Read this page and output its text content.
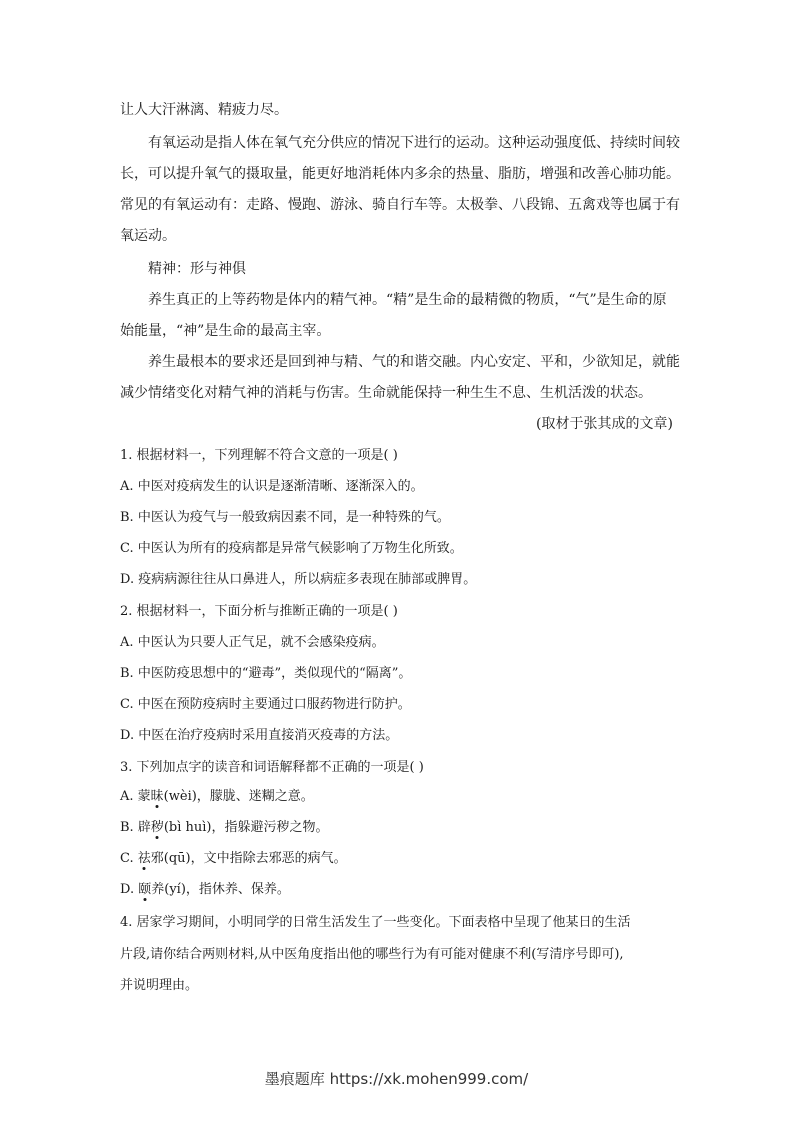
让人大汗淋漓、精疲力尽。
有氧运动是指人体在氧气充分供应的情况下进行的运动。这种运动强度低、持续时间较
长，可以提升氧气的摄取量，能更好地消耗体内多余的热量、脂肪，增强和改善心肺功能。
常见的有氧运动有：走路、慢跑、游泳、骑自行车等。太极拳、八段锦、五禽戏等也属于有
氧运动。
精神：形与神俱
养生真正的上等药物是体内的精气神。“精”是生命的最精微的物质，“气”是生命的原
始能量，“神”是生命的最高主宰。
养生最根本的要求还是回到神与精、气的和谐交融。内心安定、平和，少欲知足，就能
减少情绪变化对精气神的消耗与伤害。生命就能保持一种生生不息、生机活泼的状态。
(取材于张其成的文章)
1. 根据材料一，下列理解不符合文意的一项是( )
A. 中医对疫病发生的认识是逐渐清晰、逐渐深入的。
B. 中医认为疫气与一般致病因素不同，是一种特殊的气。
C. 中医认为所有的疫病都是异常气候影响了万物生化所致。
D. 疫病病源往往从口鼻进人，所以病症多表现在肺部或脾胃。
2. 根据材料一，下面分析与推断正确的一项是( )
A. 中医认为只要人正气足，就不会感染疫病。
B. 中医防疫思想中的“避毒”，类似现代的“隔离”。
C. 中医在预防疫病时主要通过口服药物进行防护。
D. 中医在治疗疫病时采用直接消灭疫毒的方法。
3. 下列加点字的读音和词语解释都不正确的一项是( )
A. 蒙昧(wèi)，朦胧、迷糊之意。
B. 辟秽(bì huì)，指躲避污秽之物。
C. 祛邪(qū)，文中指除去邪恶的病气。
D. 颐养(yí)，指休养、保养。
4. 居家学习期间，小明同学的日常生活发生了一些变化。下面表格中呈现了他某日的生活
片段,请你结合两则材料,从中医角度指出他的哪些行为有可能对健康不利(写清序号即可),
并说明理由。
墨痕题库 https://xk.mohen999.com/
